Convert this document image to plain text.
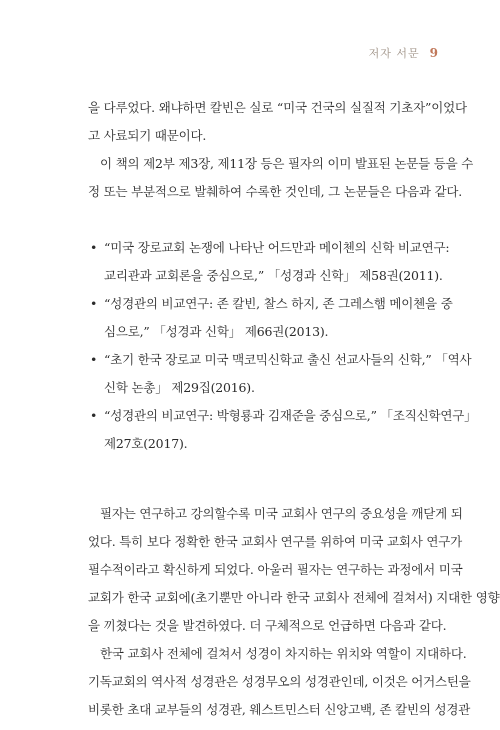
저자 서문 9

을 다루었다. 왜냐하면 칼빈은 실로 “미국 건국의 실질적 기초자”이었다
고 사료되기 때문이다.

이 책의 제2부 제3장, 제11장 등은 필자의 이미 발표된 논문들 등을 수
정 또는 부분적으로 발췌하여 수록한 것인데, 그 논문들은 다음과 같다.

• “미국 장로교회 논쟁에 나타난 어드만과 메이첸의 신학 비교연구:
교리관과 교회론을 중심으로,” 「성경과 신학」 제58권(2011).
• “성경관의 비교연구: 존 칼빈, 찰스 하지, 존 그레스햄 메이첸을 중
심으로,” 「성경과 신학」 제66권(2013).
• “초기 한국 장로교 미국 맥코믹신학교 출신 선교사들의 신학,” 「역사
신학 논총」 제29집(2016).
• “성경관의 비교연구: 박형룡과 김재준을 중심으로,” 「조직신학연구」
제27호(2017).

필자는 연구하고 강의할수록 미국 교회사 연구의 중요성을 깨닫게 되
었다. 특히 보다 정확한 한국 교회사 연구를 위하여 미국 교회사 연구가
필수적이라고 확신하게 되었다. 아울러 필자는 연구하는 과정에서 미국
교회가 한국 교회에(초기뿐만 아니라 한국 교회사 전체에 걸쳐서) 지대한 영향
을 끼쳤다는 것을 발견하였다. 더 구체적으로 언급하면 다음과 같다.

한국 교회사 전체에 걸쳐서 성경이 차지하는 위치와 역할이 지대하다.
기독교회의 역사적 성경관은 성경무오의 성경관인데, 이것은 어거스틴을
비롯한 초대 교부들의 성경관, 웨스트민스터 신앙고백, 존 칼빈의 성경관
